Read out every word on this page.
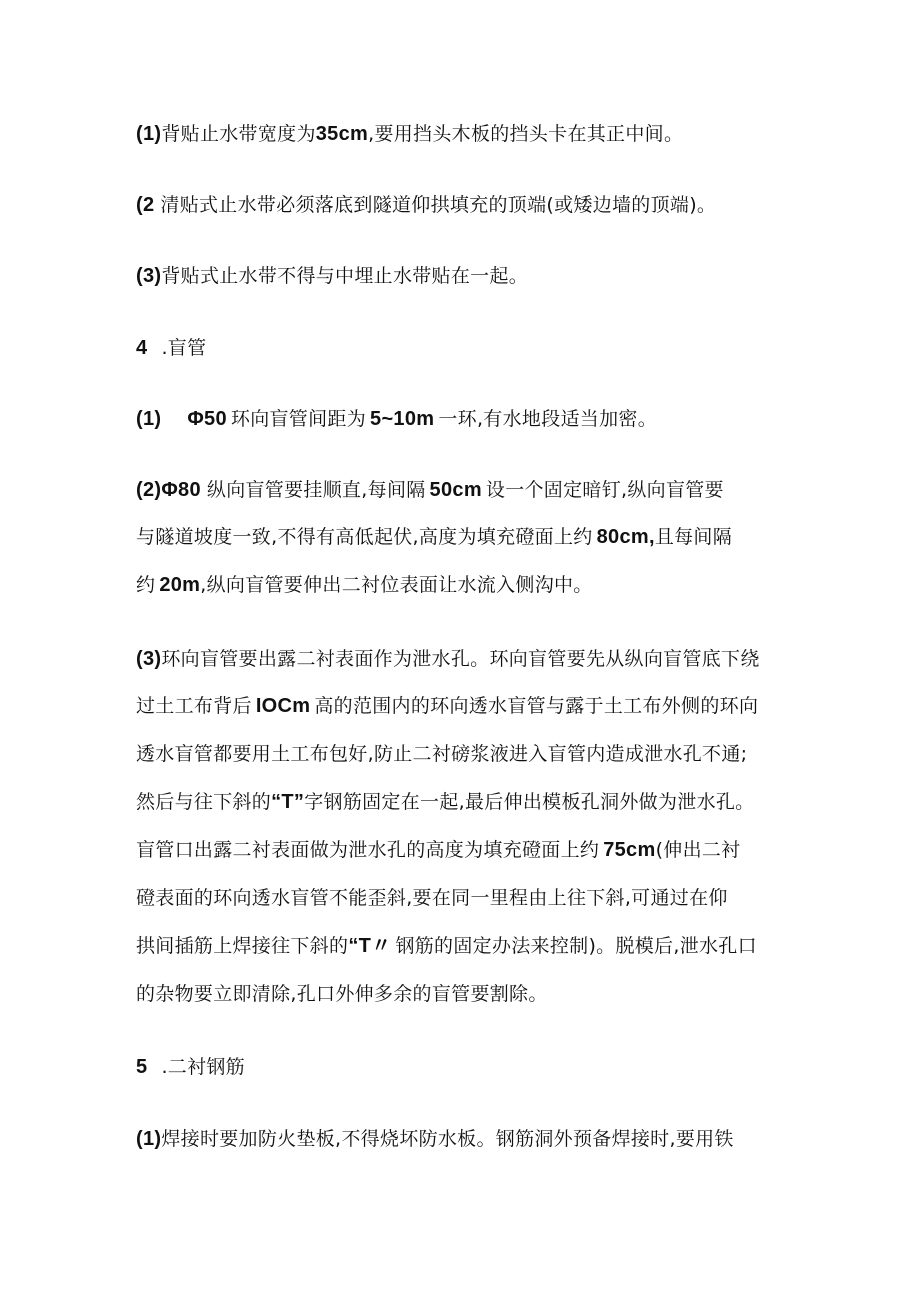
(1)背贴止水带宽度为35cm,要用挡头木板的挡头卡在其正中间。
(2 清贴式止水带必须落底到隧道仰拱填充的顶端(或矮边墙的顶端)。
(3)背贴式止水带不得与中埋止水带贴在一起。
4 .盲管
(1) Φ50 环向盲管间距为 5~10m 一环,有水地段适当加密。
(2)Φ80 纵向盲管要挂顺直,每间隔 50cm 设一个固定暗钉,纵向盲管要
与隧道坡度一致,不得有高低起伏,高度为填充磴面上约 80cm,且每间隔
约 20m,纵向盲管要伸出二衬位表面让水流入侧沟中。
(3)环向盲管要出露二衬表面作为泄水孔。环向盲管要先从纵向盲管底下绕
过土工布背后 IOCm 高的范围内的环向透水盲管与露于土工布外侧的环向
透水盲管都要用土工布包好,防止二衬磅浆液进入盲管内造成泄水孔不通;
然后与往下斜的“T”字钢筋固定在一起,最后伸出模板孔洞外做为泄水孔。
盲管口出露二衬表面做为泄水孔的高度为填充磴面上约 75cm(伸出二衬
磴表面的环向透水盲管不能歪斜,要在同一里程由上往下斜,可通过在仰
拱间插筋上焊接往下斜的“T〃 钢筋的固定办法来控制)。脱模后,泄水孔口
的杂物要立即清除,孔口外伸多余的盲管要割除。
5 .二衬钢筋
(1)焊接时要加防火垫板,不得烧坏防水板。钢筋洞外预备焊接时,要用铁
